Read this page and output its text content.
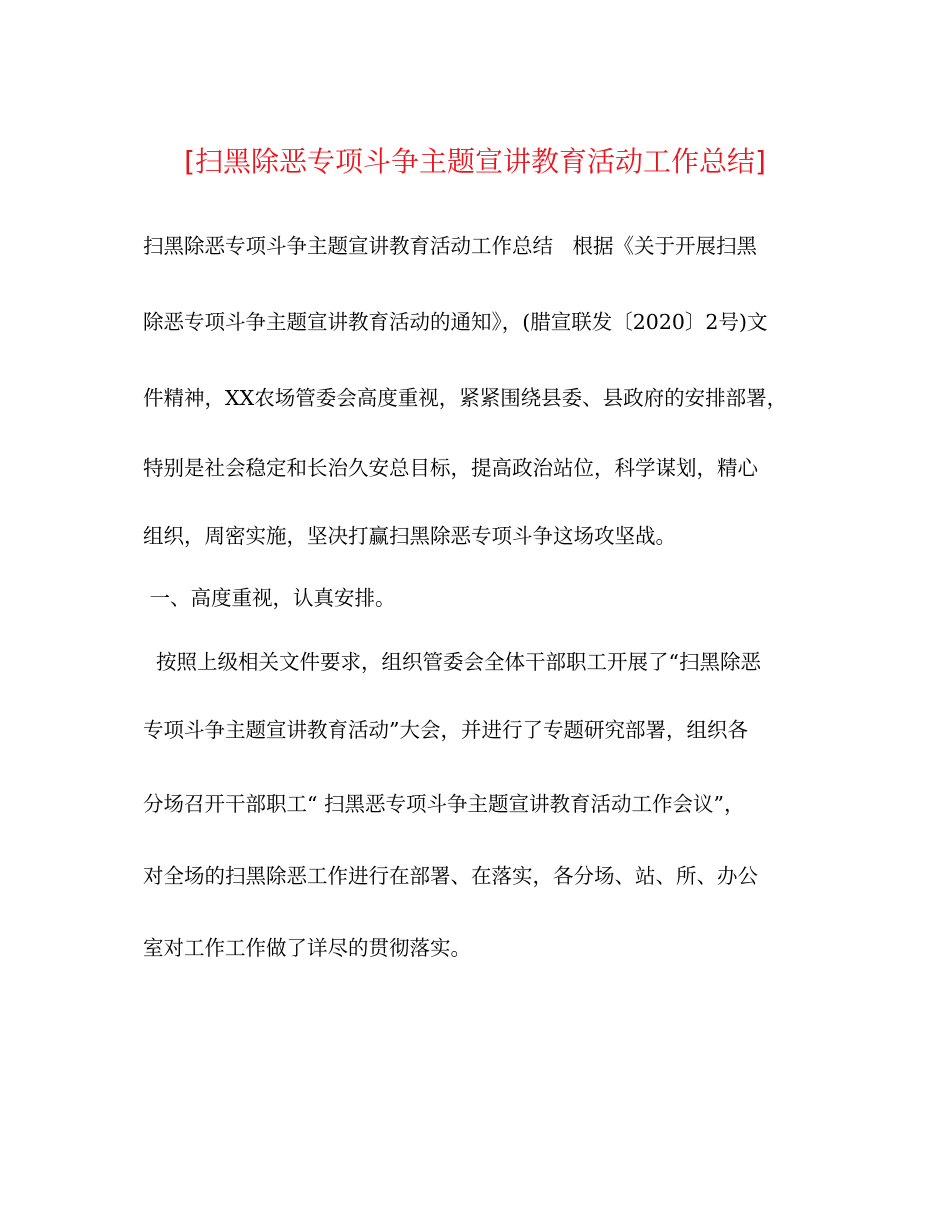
[扫黑除恶专项斗争主题宣讲教育活动工作总结]
扫黑除恶专项斗争主题宣讲教育活动工作总结   根据《关于开展扫黑
除恶专项斗争主题宣讲教育活动的通知》，(腊宣联发〔2020〕2号)文
件精神，XX农场管委会高度重视，紧紧围绕县委、县政府的安排部署，
特别是社会稳定和长治久安总目标，提高政治站位，科学谋划，精心
组织，周密实施，坚决打赢扫黑除恶专项斗争这场攻坚战。
一、高度重视，认真安排。
按照上级相关文件要求，组织管委会全体干部职工开展了“扫黑除恶
专项斗争主题宣讲教育活动”大会，并进行了专题研究部署，组织各
分场召开干部职工“ 扫黑恶专项斗争主题宣讲教育活动工作会议”，
对全场的扫黑除恶工作进行在部署、在落实，各分场、站、所、办公
室对工作工作做了详尽的贯彻落实。
